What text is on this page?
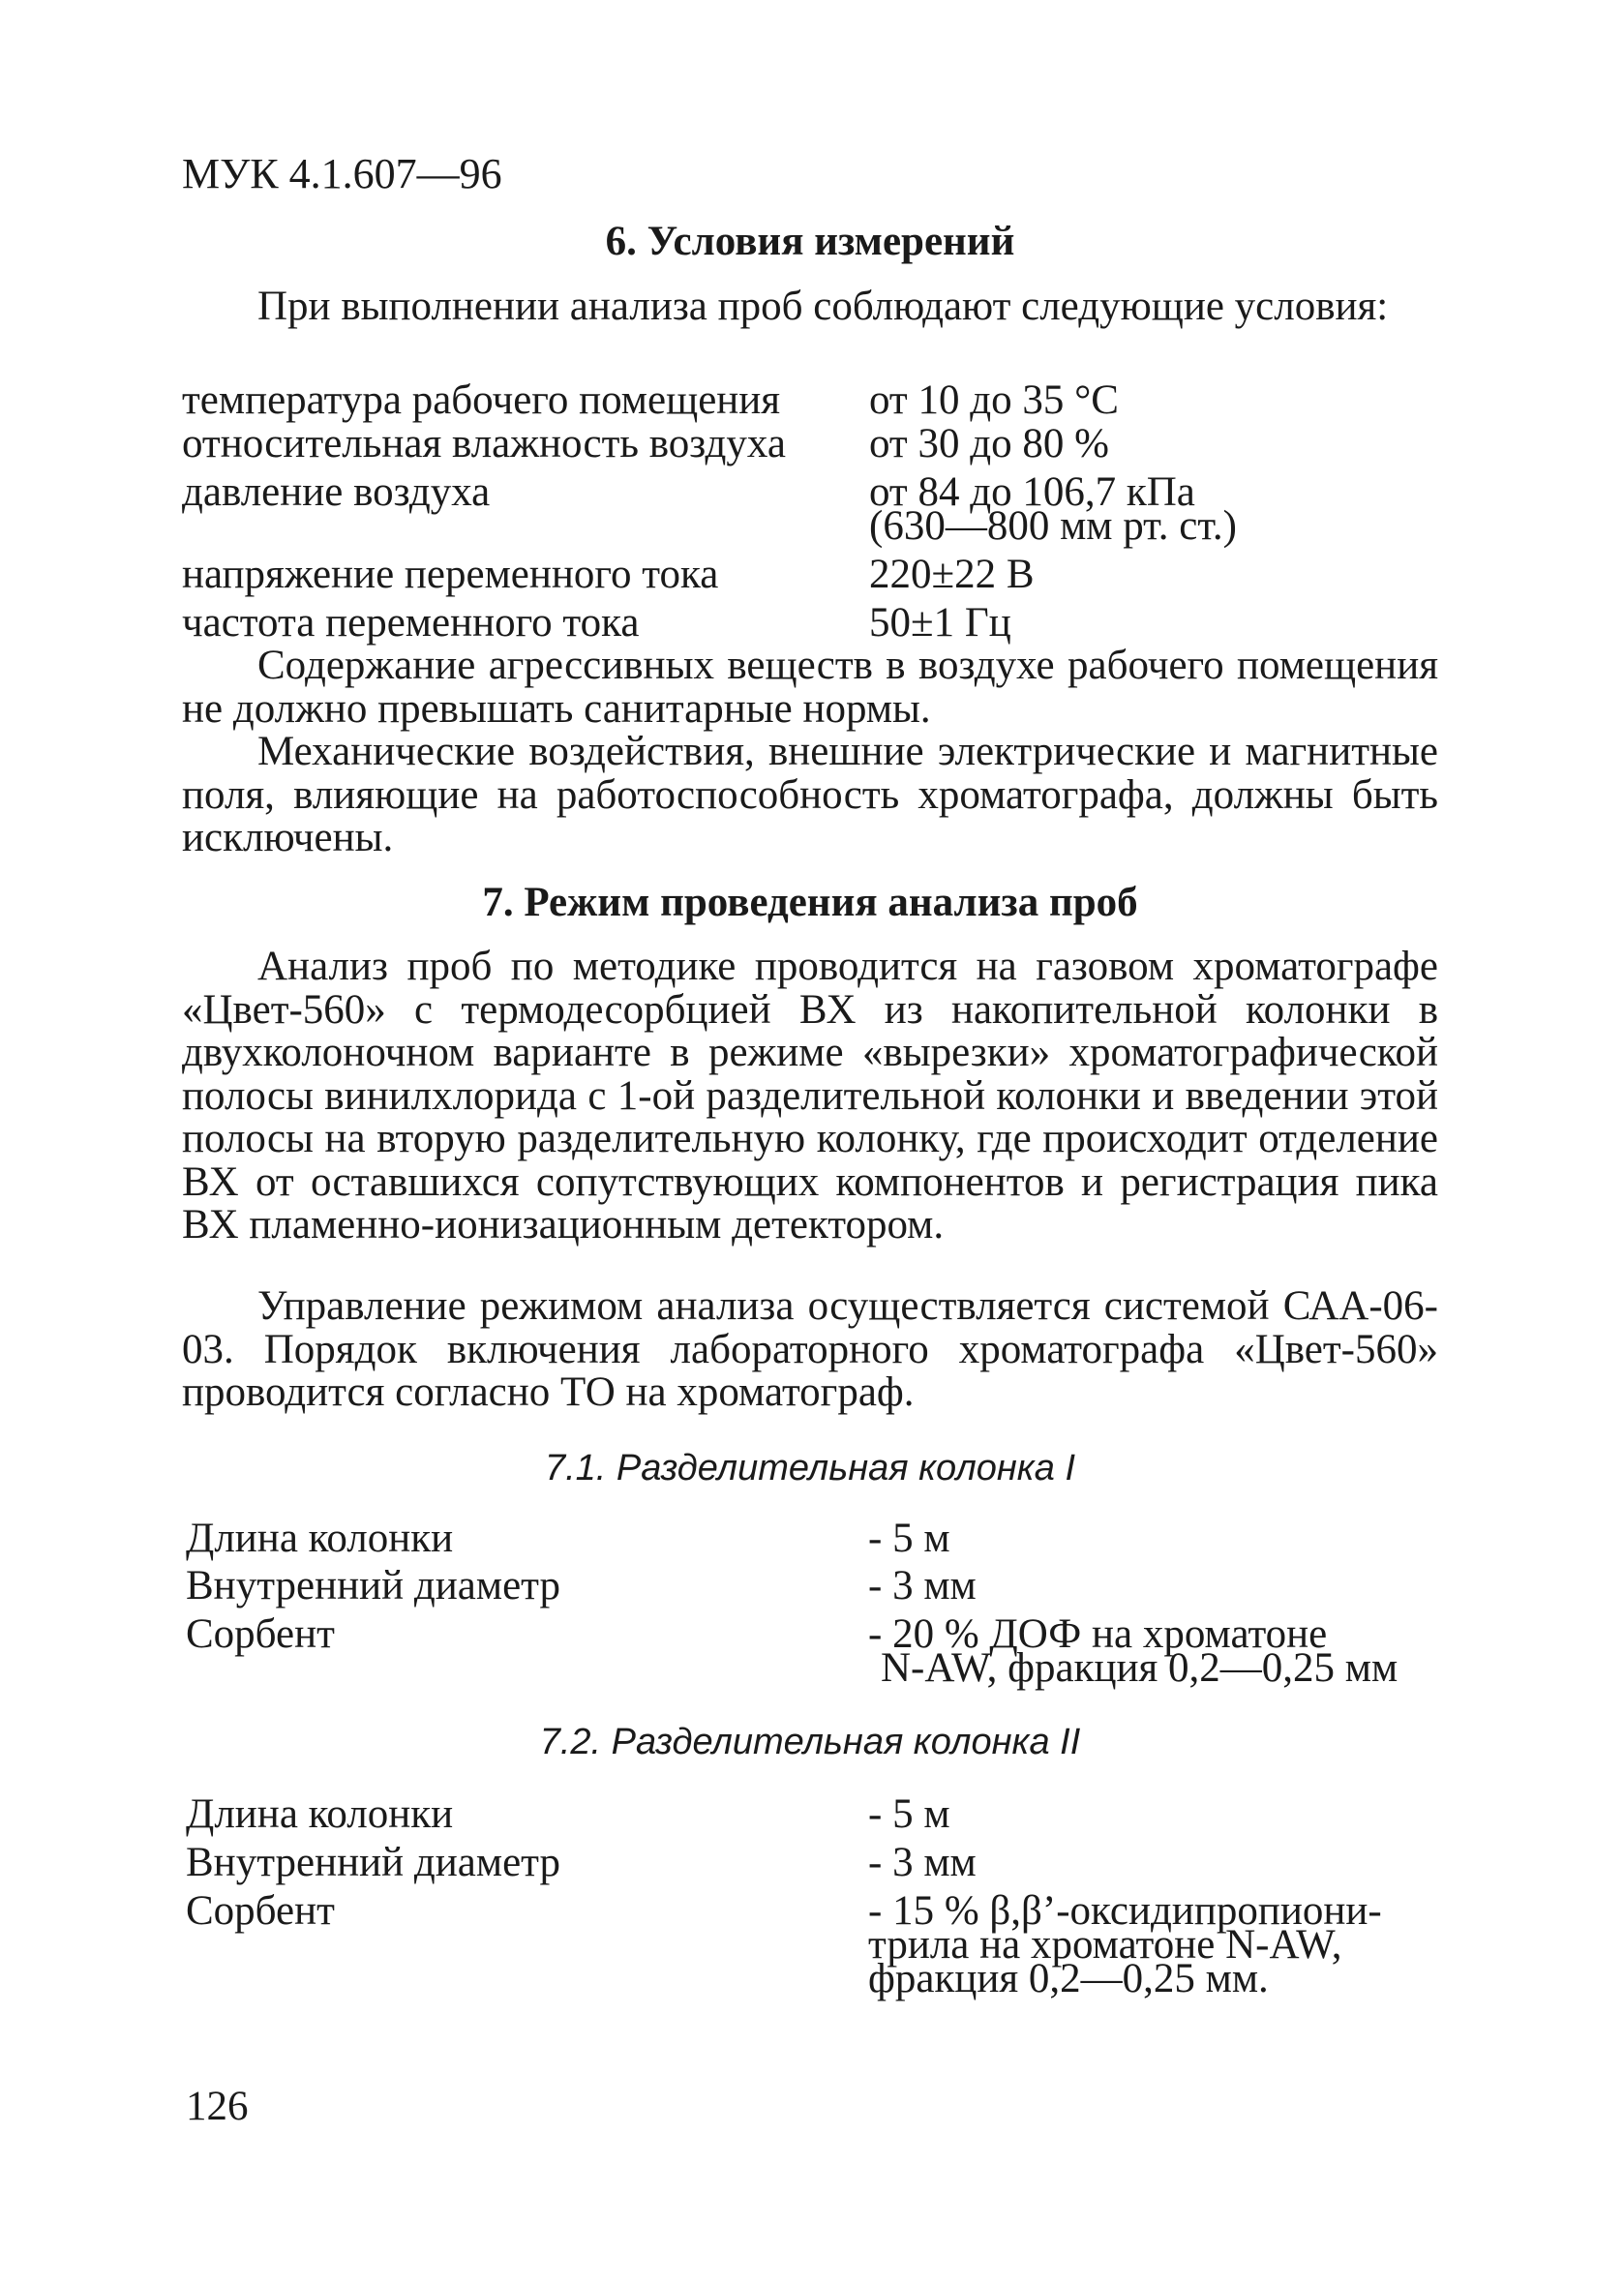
МУК 4.1.607—96
6. Условия измерений
При выполнении анализа проб соблюдают следующие условия:
температура рабочего помещения от 10 до 35 °С
относительная влажность воздуха от 30 до 80 %
давление воздуха	от 84 до 106,7 кПа
(630—800 мм рт. ст.)
напряжение переменного тока	220±22 В
частота переменного тока	50±1 Гц
Содержание агрессивных веществ в воздухе рабочего помещения не должно превышать санитарные нормы.
Механические воздействия, внешние электрические и магнитные поля, влияющие на работоспособность хроматографа, должны быть исключены.
7. Режим проведения анализа проб
Анализ проб по методике проводится на газовом хроматографе «Цвет-560» с термодесорбцией ВХ из накопительной колонки в двухколоночном варианте в режиме «вырезки» хроматографической полосы винилхлорида с 1-ой разделительной колонки и введении этой полосы на вторую разделительную колонку, где происходит отделение ВХ от оставшихся сопутствующих компонентов и регистрация пика ВХ пламенно-ионизационным детектором.
Управление режимом анализа осуществляется системой САА-06-03. Порядок включения лабораторного хроматографа «Цвет-560» проводится согласно ТО на хроматограф.
7.1. Разделительная колонка I
Длина колонки	- 5 м
Внутренний диаметр	- 3 мм
Сорбент	- 20 % ДОФ на хроматоне
N-AW, фракция 0,2—0,25 мм
7.2. Разделительная колонка II
Длина колонки	- 5 м
Внутренний диаметр	- 3 мм
Сорбент	- 15 % β,β’-оксидипропиони-
трила на хроматоне N-AW,
фракция 0,2—0,25 мм.
126
